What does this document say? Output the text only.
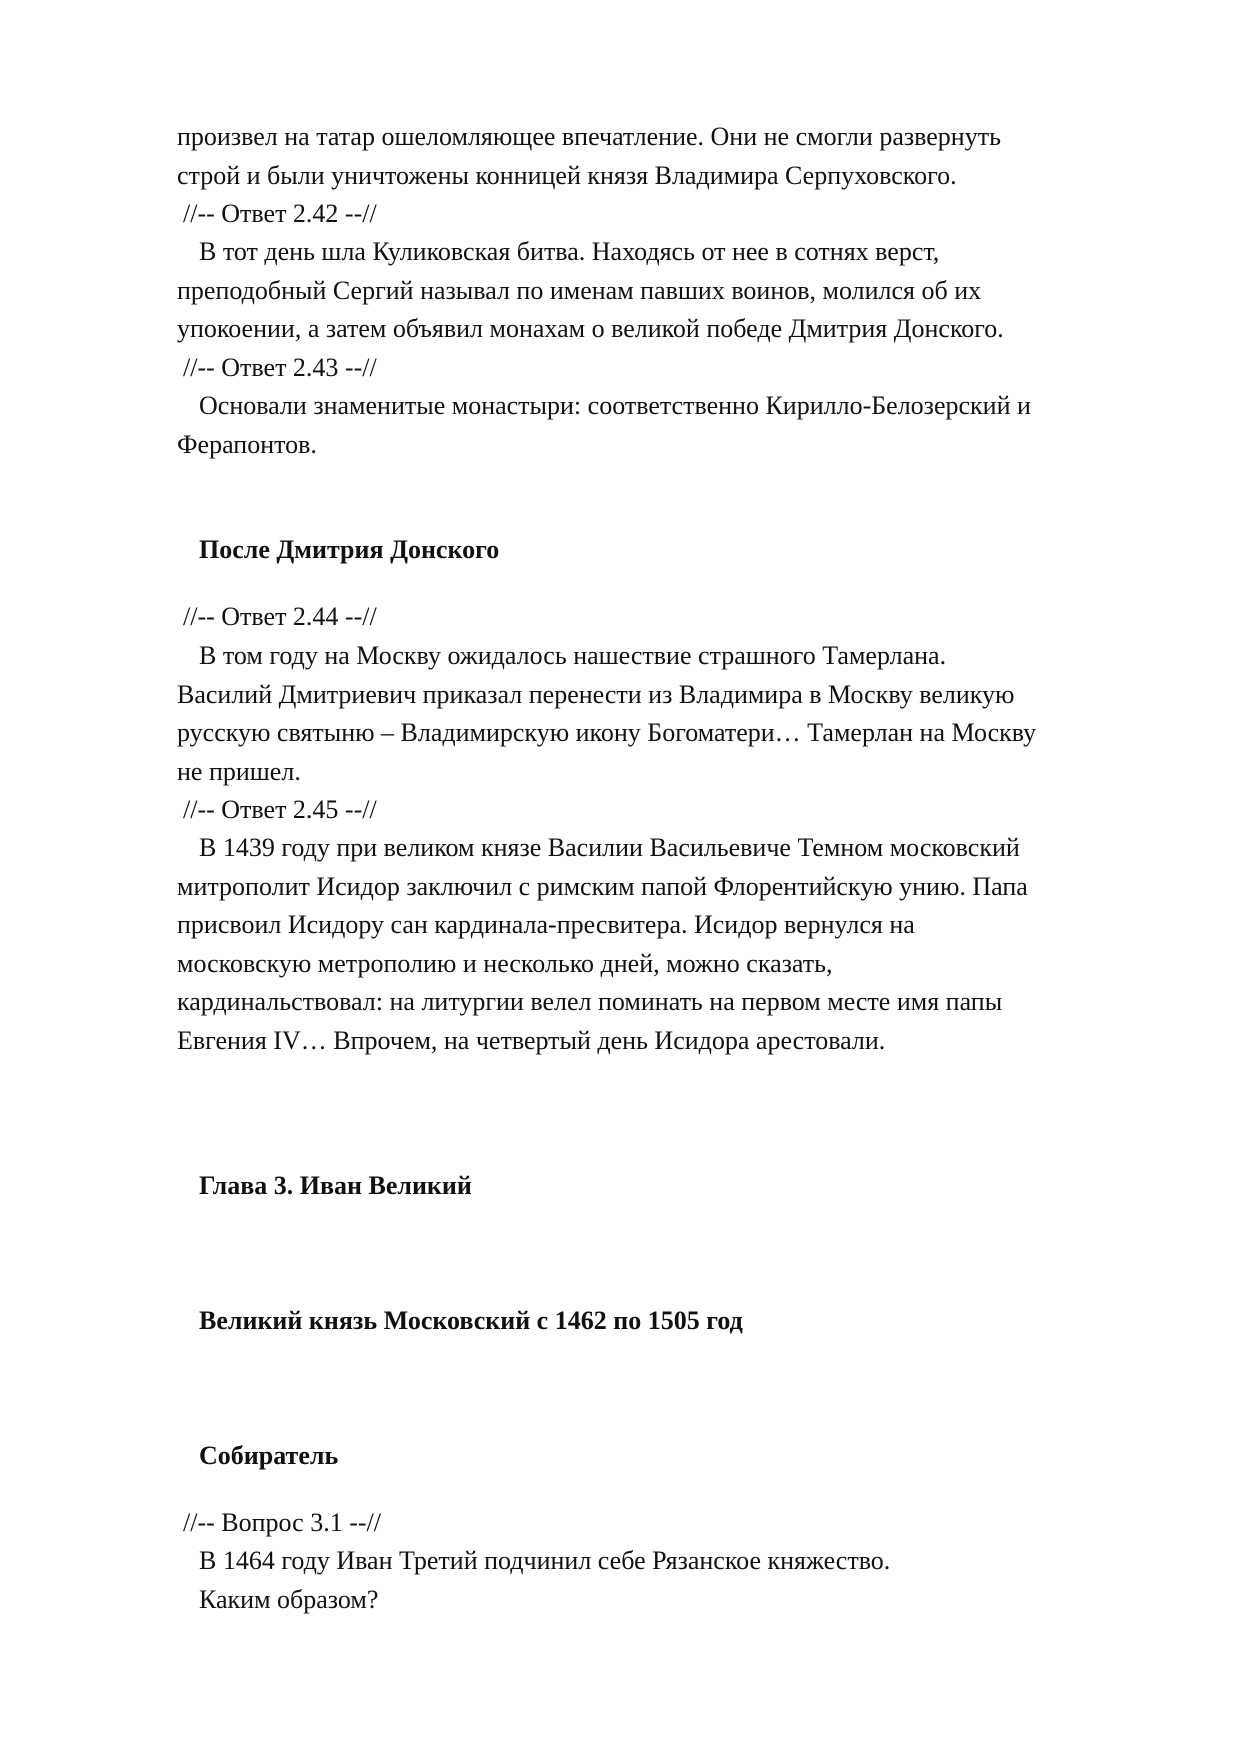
произвел на татар ошеломляющее впечатление. Они не смогли развернуть
строй и были уничтожены конницей князя Владимира Серпуховского.
//-- Ответ 2.42 --//
В тот день шла Куликовская битва. Находясь от нее в сотнях верст,
преподобный Сергий называл по именам павших воинов, молился об их
упокоении, а затем объявил монахам о великой победе Дмитрия Донского.
//-- Ответ 2.43 --//
Основали знаменитые монастыри: соответственно Кирилло-Белозерский и
Ферапонтов.
После Дмитрия Донского
//-- Ответ 2.44 --//
В том году на Москву ожидалось нашествие страшного Тамерлана.
Василий Дмитриевич приказал перенести из Владимира в Москву великую
русскую святыню – Владимирскую икону Богоматери… Тамерлан на Москву
не пришел.
//-- Ответ 2.45 --//
В 1439 году при великом князе Василии Васильевиче Темном московский
митрополит Исидор заключил с римским папой Флорентийскую унию. Папа
присвоил Исидору сан кардинала-пресвитера. Исидор вернулся на
московскую метрополию и несколько дней, можно сказать,
кардинальствовал: на литургии велел поминать на первом месте имя папы
Евгения IV… Впрочем, на четвертый день Исидора арестовали.
Глава 3. Иван Великий
Великий князь Московский с 1462 по 1505 год
Собиратель
//-- Вопрос 3.1 --//
В 1464 году Иван Третий подчинил себе Рязанское княжество.
Каким образом?
